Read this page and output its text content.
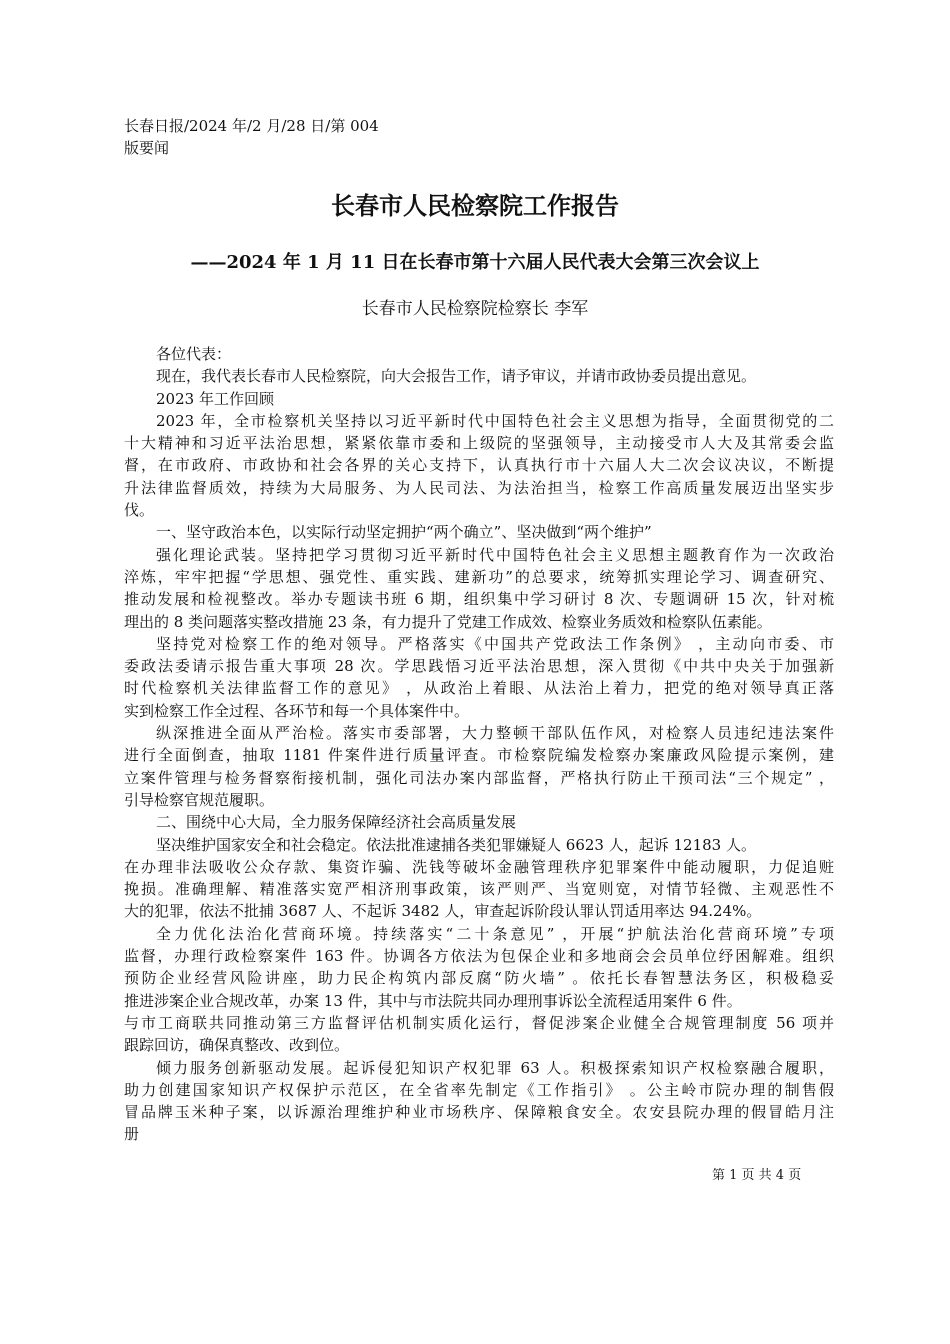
长春日报/2024 年/2 月/28 日/第 004
版要闻
长春市人民检察院工作报告
——2024 年 1 月 11 日在长春市第十六届人民代表大会第三次会议上
长春市人民检察院检察长 李军
各位代表：
现在，我代表长春市人民检察院，向大会报告工作，请予审议，并请市政协委员提出意见。
2023 年工作回顾
2023 年，全市检察机关坚持以习近平新时代中国特色社会主义思想为指导，全面贯彻党的二
十大精神和习近平法治思想，紧紧依靠市委和上级院的坚强领导，主动接受市人大及其常委会监
督，在市政府、市政协和社会各界的关心支持下，认真执行市十六届人大二次会议决议，不断提
升法律监督质效，持续为大局服务、为人民司法、为法治担当，检察工作高质量发展迈出坚实步
伐。
一、坚守政治本色，以实际行动坚定拥护“两个确立”、坚决做到“两个维护”
强化理论武装。坚持把学习贯彻习近平新时代中国特色社会主义思想主题教育作为一次政治
淬炼，牢牢把握“学思想、强党性、重实践、建新功”的总要求，统筹抓实理论学习、调查研究、
推动发展和检视整改。举办专题读书班 6 期，组织集中学习研讨 8 次、专题调研 15 次，针对梳
理出的 8 类问题落实整改措施 23 条，有力提升了党建工作成效、检察业务质效和检察队伍素能。
坚持党对检察工作的绝对领导。严格落实《中国共产党政法工作条例》 ，主动向市委、市
委政法委请示报告重大事项 28 次。学思践悟习近平法治思想，深入贯彻《中共中央关于加强新
时代检察机关法律监督工作的意见》 ，从政治上着眼、从法治上着力，把党的绝对领导真正落
实到检察工作全过程、各环节和每一个具体案件中。
纵深推进全面从严治检。落实市委部署，大力整顿干部队伍作风，对检察人员违纪违法案件
进行全面倒查，抽取 1181 件案件进行质量评查。市检察院编发检察办案廉政风险提示案例，建
立案件管理与检务督察衔接机制，强化司法办案内部监督，严格执行防止干预司法“三个规定” ，
引导检察官规范履职。
二、围绕中心大局，全力服务保障经济社会高质量发展
坚决维护国家安全和社会稳定。依法批准逮捕各类犯罪嫌疑人 6623 人，起诉 12183 人。
在办理非法吸收公众存款、集资诈骗、洗钱等破坏金融管理秩序犯罪案件中能动履职，力促追赃
挽损。准确理解、精准落实宽严相济刑事政策，该严则严、当宽则宽，对情节轻微、主观恶性不
大的犯罪，依法不批捕 3687 人、不起诉 3482 人，审查起诉阶段认罪认罚适用率达 94.24%。
全力优化法治化营商环境。持续落实“二十条意见” ，开展“护航法治化营商环境”专项
监督，办理行政检察案件 163 件。协调各方依法为包保企业和多地商会会员单位纾困解难。组织
预防企业经营风险讲座，助力民企构筑内部反腐“防火墙” 。依托长春智慧法务区，积极稳妥
推进涉案企业合规改革，办案 13 件，其中与市法院共同办理刑事诉讼全流程适用案件 6 件。
与市工商联共同推动第三方监督评估机制实质化运行，督促涉案企业健全合规管理制度 56 项并
跟踪回访，确保真整改、改到位。
倾力服务创新驱动发展。起诉侵犯知识产权犯罪 63 人。积极探索知识产权检察融合履职，
助力创建国家知识产权保护示范区，在全省率先制定《工作指引》 。公主岭市院办理的制售假
冒品牌玉米种子案，以诉源治理维护种业市场秩序、保障粮食安全。农安县院办理的假冒皓月注
册
第 1 页 共 4 页
